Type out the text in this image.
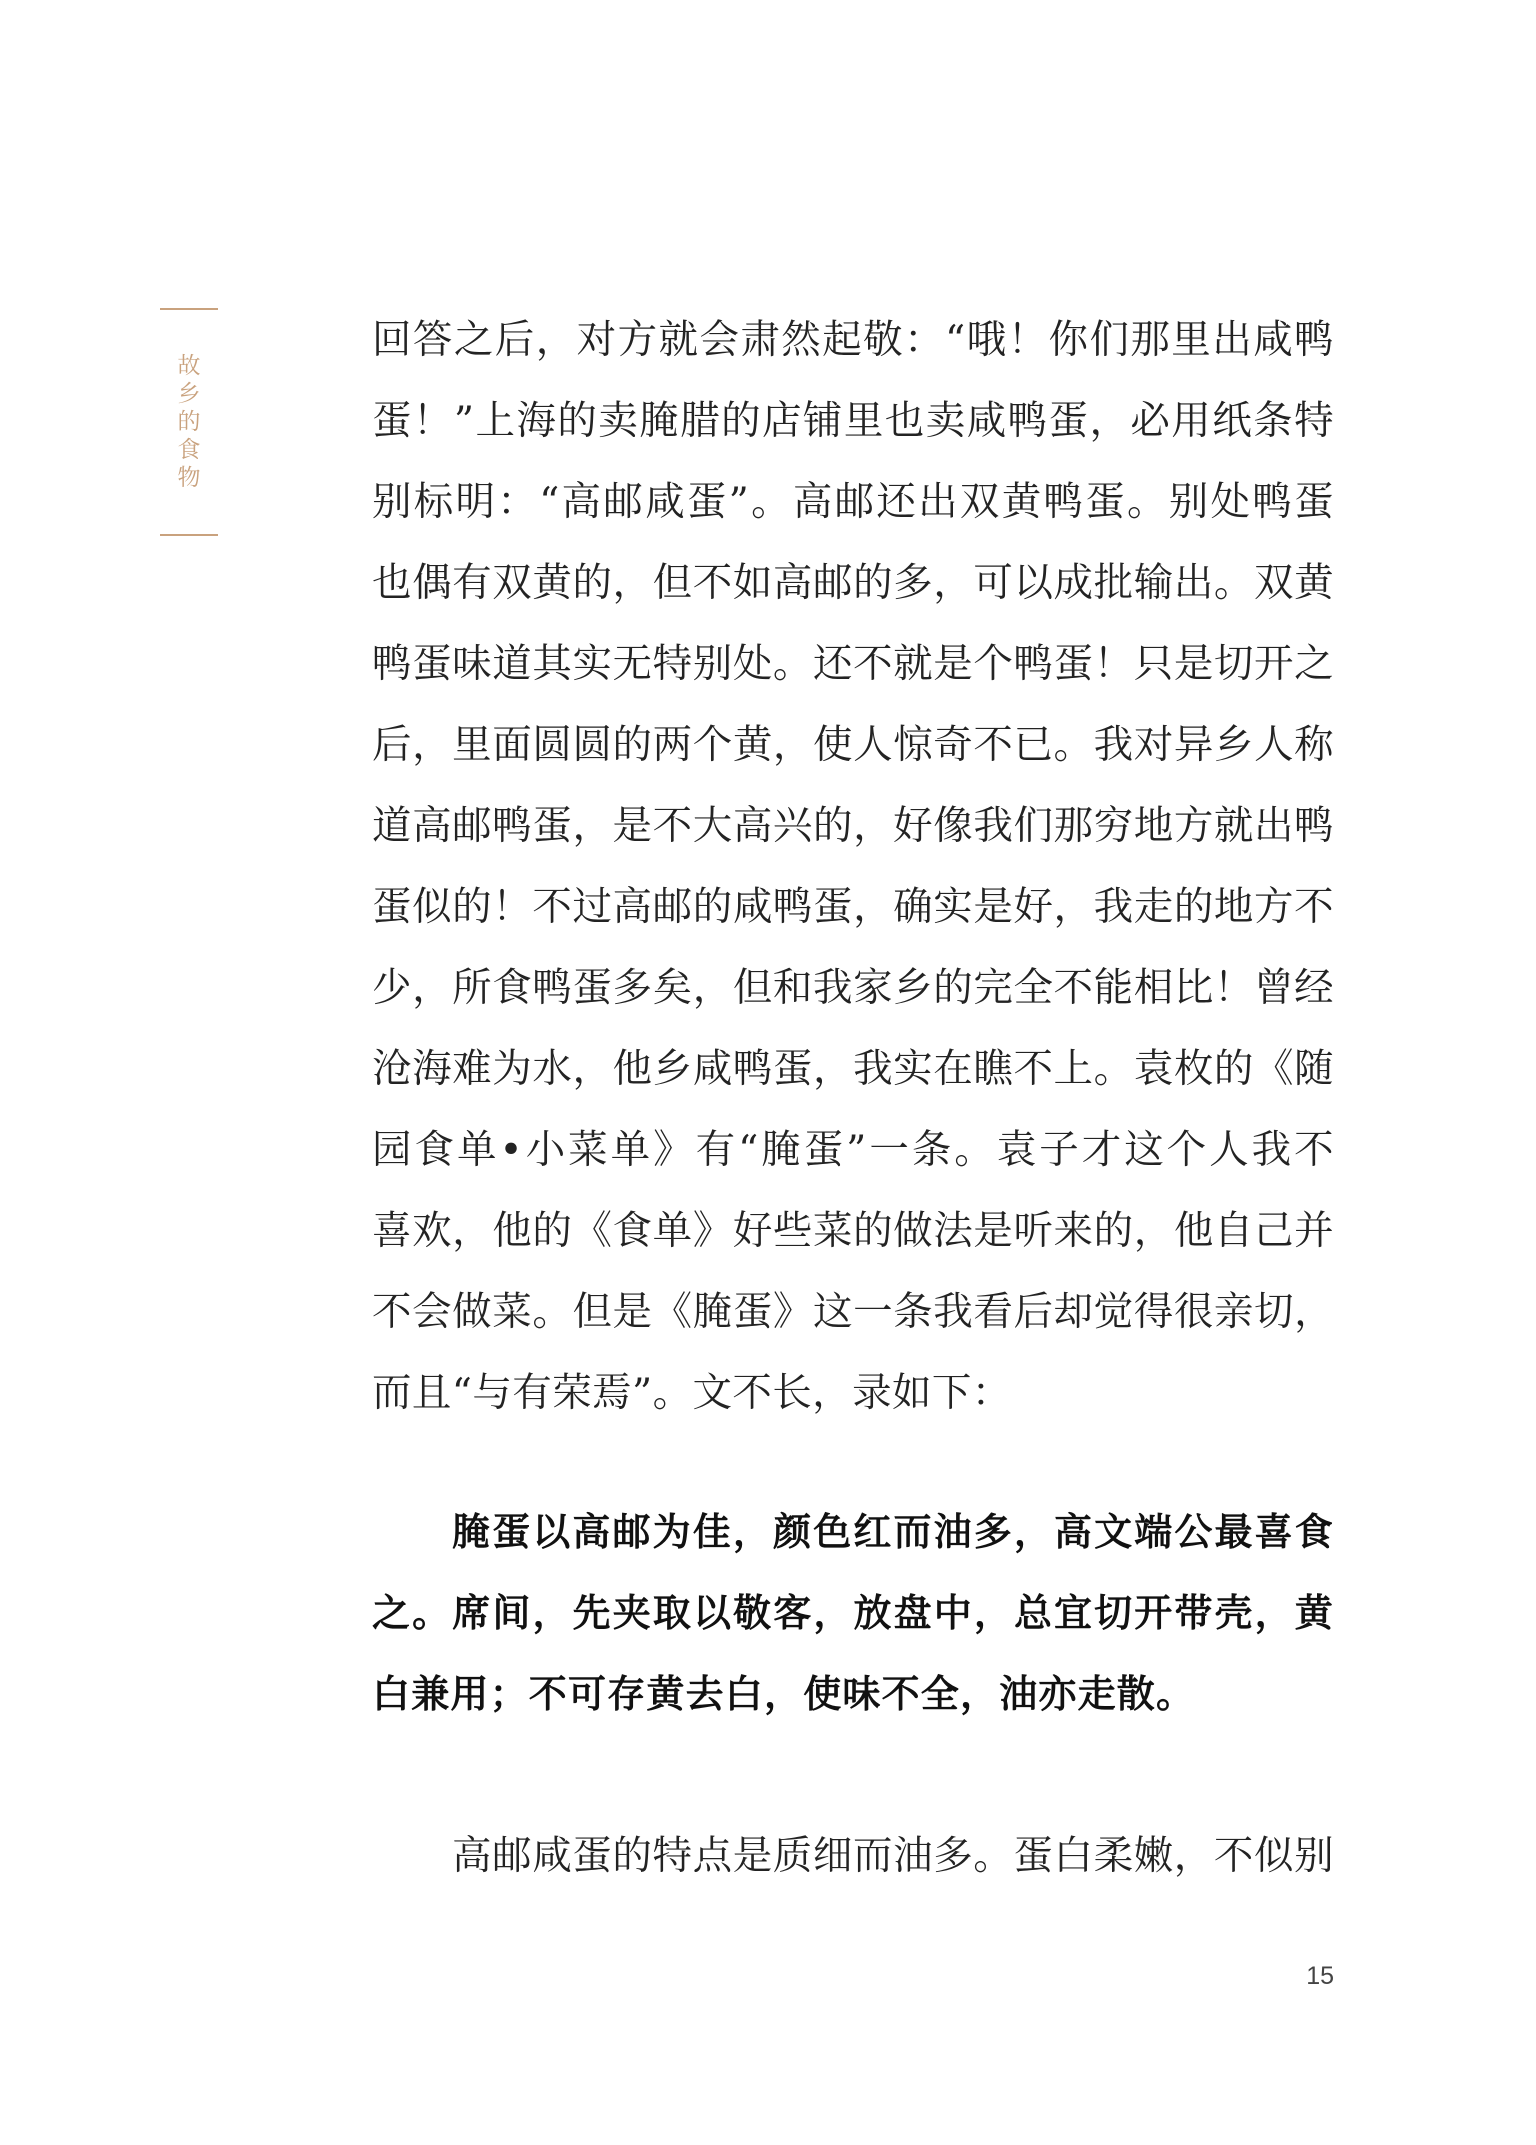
故
乡
的
食
物
回答之后，对方就会肃然起敬：“哦！你们那里出咸鸭
蛋！”上海的卖腌腊的店铺里也卖咸鸭蛋，必用纸条特
别标明：“高邮咸蛋”。高邮还出双黄鸭蛋。别处鸭蛋
也偶有双黄的，但不如高邮的多，可以成批输出。双黄
鸭蛋味道其实无特别处。还不就是个鸭蛋！只是切开之
后，里面圆圆的两个黄，使人惊奇不已。我对异乡人称
道高邮鸭蛋，是不大高兴的，好像我们那穷地方就出鸭
蛋似的！不过高邮的咸鸭蛋，确实是好，我走的地方不
少，所食鸭蛋多矣，但和我家乡的完全不能相比！曾经
沧海难为水，他乡咸鸭蛋，我实在瞧不上。袁枚的《随
园食单•小菜单》有“腌蛋”一条。袁子才这个人我不
喜欢，他的《食单》好些菜的做法是听来的，他自己并
不会做菜。但是《腌蛋》这一条我看后却觉得很亲切，
而且“与有荣焉”。文不长，录如下：
腌蛋以高邮为佳，颜色红而油多，高文端公最喜食
之。席间，先夹取以敬客，放盘中，总宜切开带壳，黄
白兼用；不可存黄去白，使味不全，油亦走散。
高邮咸蛋的特点是质细而油多。蛋白柔嫩，不似别
15
